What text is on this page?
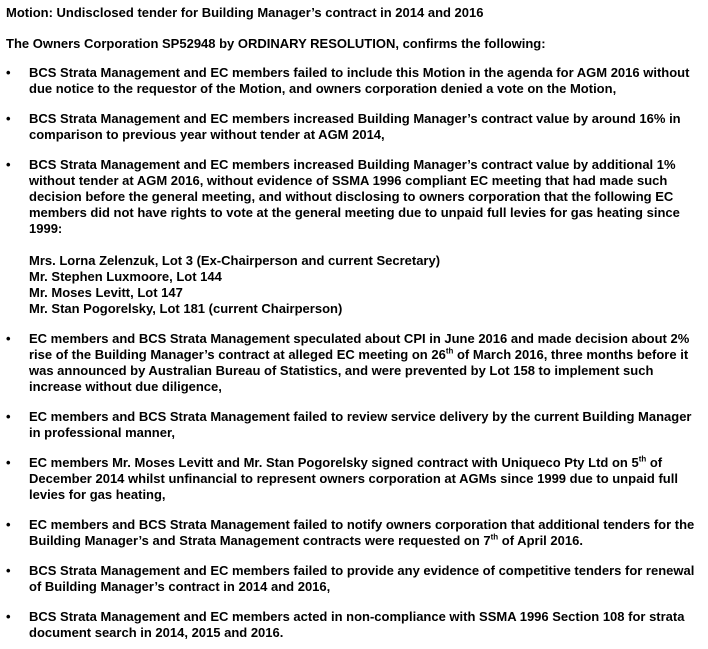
Motion: Undisclosed tender for Building Manager’s contract in 2014 and 2016
The Owners Corporation SP52948 by ORDINARY RESOLUTION, confirms the following:
•	BCS Strata Management and EC members failed to include this Motion in the agenda for AGM 2016 without due notice to the requestor of the Motion, and owners corporation denied a vote on the Motion,
•	BCS Strata Management and EC members increased Building Manager’s contract value by around 16% in comparison to previous year without tender at AGM 2014,
•	BCS Strata Management and EC members increased Building Manager’s contract value by additional 1% without tender at AGM 2016, without evidence of SSMA 1996 compliant EC meeting that had made such decision before the general meeting, and without disclosing to owners corporation that the following EC members did not have rights to vote at the general meeting due to unpaid full levies for gas heating since 1999:
Mrs. Lorna Zelenzuk, Lot 3 (Ex-Chairperson and current Secretary)
Mr. Stephen Luxmoore, Lot 144
Mr. Moses Levitt, Lot 147
Mr. Stan Pogorelsky, Lot 181 (current Chairperson)
•	EC members and BCS Strata Management speculated about CPI in June 2016 and made decision about 2% rise of the Building Manager’s contract at alleged EC meeting on 26th of March 2016, three months before it was announced by Australian Bureau of Statistics, and were prevented by Lot 158 to implement such increase without due diligence,
•	EC members and BCS Strata Management failed to review service delivery by the current Building Manager in professional manner,
•	EC members Mr. Moses Levitt and Mr. Stan Pogorelsky signed contract with Uniqueco Pty Ltd on 5th of December 2014 whilst unfinancial to represent owners corporation at AGMs since 1999 due to unpaid full levies for gas heating,
•	EC members and BCS Strata Management failed to notify owners corporation that additional tenders for the Building Manager’s and Strata Management contracts were requested on 7th of April 2016.
•	BCS Strata Management and EC members failed to provide any evidence of competitive tenders for renewal of Building Manager’s contract in 2014 and 2016,
•	BCS Strata Management and EC members acted in non-compliance with SSMA 1996 Section 108 for strata document search in 2014, 2015 and 2016.
